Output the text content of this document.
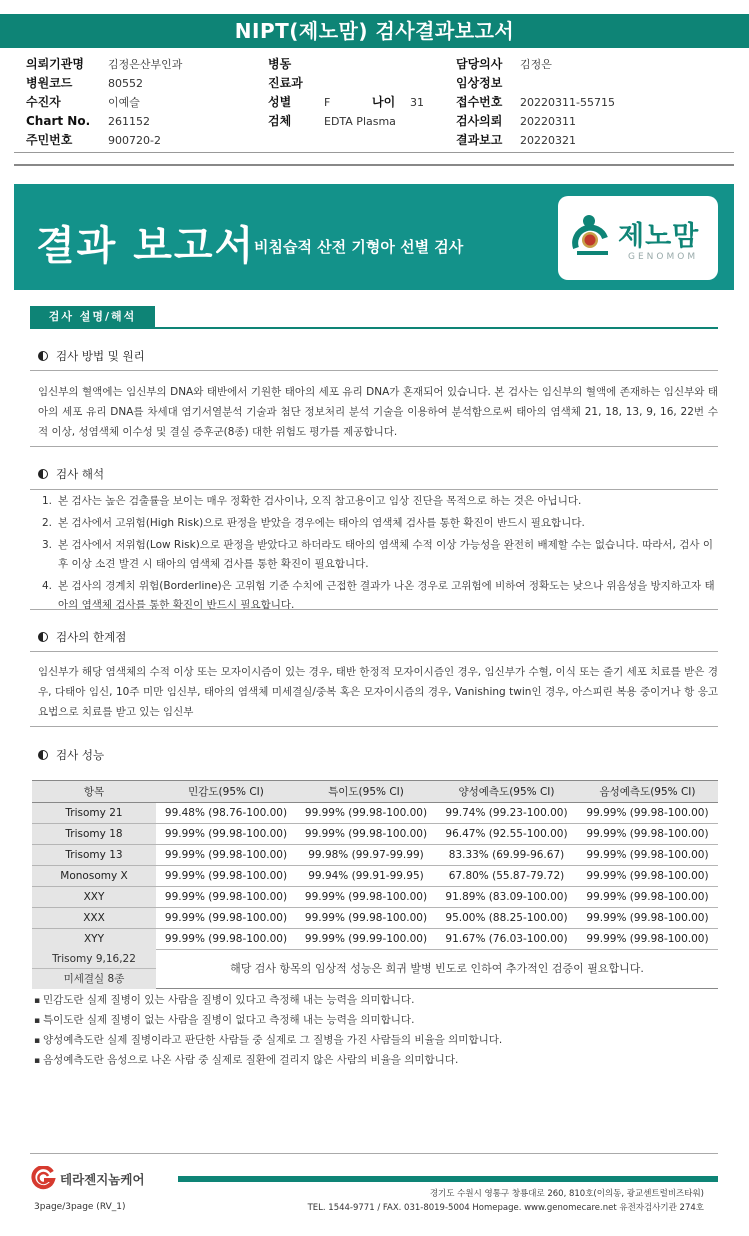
NIPT(제노맘) 검사결과보고서
의뢰기관명 김정은산부인과
병원코드	80552
수진자	이예슬
Chart No. 261152
주민번호	900720-2
병동
진료과
성별	F	나이 31
검체	EDTA Plasma
담당의사 김정은
임상정보
접수번호 20220311-55715
검사의뢰 20220311
결과보고 20220321
결과 보고서
비침습적 산전 기형아 선별 검사	제노맘
GENOMOM
검사 설명/해석
검사 방법 및 원리
임신부의 혈액에는 임신부의 DNA와 태반에서 기원한 태아의 세포 유리 DNA가 혼재되어 있습니다. 본 검사는 임신부의 혈액에 존재하는 임신부와 태아의 세포 유리 DNA를 차세대 염기서열분석 기술과 첨단 정보처리 분석 기술을 이용하여 분석함으로써 태아의 염색체 21, 18, 13, 9, 16, 22번 수적 이상, 성염색체 이수성 및 결실 증후군(8종) 대한 위험도 평가를 제공합니다.
검사 해석
1. 본 검사는 높은 검출률을 보이는 매우 정확한 검사이나, 오직 참고용이고 임상 진단을 목적으로 하는 것은 아닙니다.
2. 본 검사에서 고위험(High Risk)으로 판정을 받았을 경우에는 태아의 염색체 검사를 통한 확진이 반드시 필요합니다.
3. 본 검사에서 저위험(Low Risk)으로 판정을 받았다고 하더라도 태아의 염색체 수적 이상 가능성을 완전히 배제할 수는 없습니다. 따라서, 검사 이후 이상 소견 발견 시 태아의 염색체 검사를 통한 확진이 필요합니다.
4. 본 검사의 경계치 위험(Borderline)은 고위험 기준 수치에 근접한 결과가 나온 경우로 고위험에 비하여 정확도는 낮으나 위음성을 방지하고자 태아의 염색체 검사를 통한 확진이 반드시 필요합니다.
검사의 한계점
임신부가 해당 염색체의 수적 이상 또는 모자이시즘이 있는 경우, 태반 한정적 모자이시즘인 경우, 임신부가 수혈, 이식 또는 줄기 세포 치료를 받은 경우, 다태아 임신, 10주 미만 임신부, 태아의 염색체 미세결실/중복 혹은 모자이시즘의 경우, Vanishing twin인 경우, 아스피린 복용 중이거나 항 응고 요법으로 치료를 받고 있는 임신부
검사 성능
항목	민감도(95% CI)	특이도(95% CI)	양성예측도(95% CI)	음성예측도(95% CI)
Trisomy 21	99.48% (98.76-100.00)	99.99% (99.98-100.00)	99.74% (99.23-100.00)	99.99% (99.98-100.00)
Trisomy 18	99.99% (99.98-100.00)	99.99% (99.98-100.00)	96.47% (92.55-100.00)	99.99% (99.98-100.00)
Trisomy 13	99.99% (99.98-100.00)	99.98% (99.97-99.99)	83.33% (69.99-96.67)	99.99% (99.98-100.00)
Monosomy X	99.99% (99.98-100.00)	99.94% (99.91-99.95)	67.80% (55.87-79.72)	99.99% (99.98-100.00)
XXY	99.99% (99.98-100.00)	99.99% (99.98-100.00)	91.89% (83.09-100.00)	99.99% (99.98-100.00)
XXX	99.99% (99.98-100.00)	99.99% (99.98-100.00)	95.00% (88.25-100.00)	99.99% (99.98-100.00)
XYY	99.99% (99.98-100.00)	99.99% (99.99-100.00)	91.67% (76.03-100.00)	99.99% (99.98-100.00)
Trisomy 9,16,22
미세결실 8종
해당 검사 항목의 임상적 성능은 희귀 발병 빈도로 인하여 추가적인 검증이 필요합니다.
▪ 민감도란 실제 질병이 있는 사람을 질병이 있다고 측정해 내는 능력을 의미합니다.
▪ 특이도란 실제 질병이 없는 사람을 질병이 없다고 측정해 내는 능력을 의미합니다.
▪ 양성예측도란 실제 질병이라고 판단한 사람들 중 실제로 그 질병을 가진 사람들의 비율을 의미합니다.
▪ 음성예측도란 음성으로 나온 사람 중 실제로 질환에 걸리지 않은 사람의 비율을 의미합니다.
테라젠지놈케어
3page/3page (RV_1)
경기도 수원시 영통구 창룡대로 260, 810호(이의동, 광교센트럴비즈타워)
TEL. 1544-9771 / FAX. 031-8019-5004 Homepage. www.genomecare.net 유전자검사기관 274호
